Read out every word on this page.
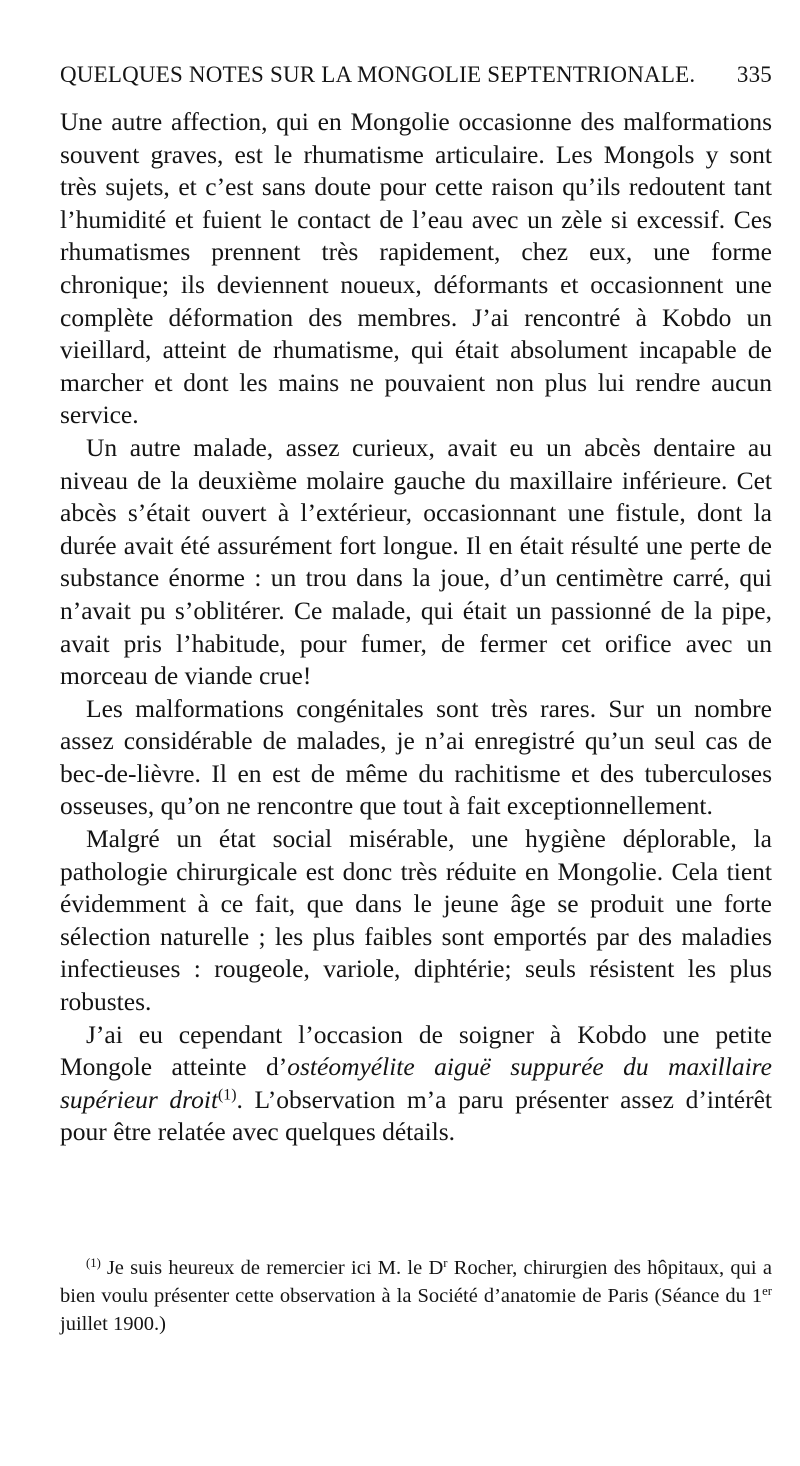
QUELQUES NOTES SUR LA MONGOLIE SEPTENTRIONALE. 335

Une autre affection, qui en Mongolie occasionne des malformations souvent graves, est le rhumatisme articulaire. Les Mongols y sont très sujets, et c’est sans doute pour cette raison qu’ils redoutent tant l’humidité et fuient le contact de l’eau avec un zèle si excessif. Ces rhumatismes prennent très rapidement, chez eux, une forme chronique; ils deviennent noueux, déformants et occasionnent une complète déformation des membres. J’ai rencontré à Kobdo un vieillard, atteint de rhumatisme, qui était absolument incapable de marcher et dont les mains ne pouvaient non plus lui rendre aucun service.

Un autre malade, assez curieux, avait eu un abcès dentaire au niveau de la deuxième molaire gauche du maxillaire inférieure. Cet abcès s’était ouvert à l’extérieur, occasionnant une fistule, dont la durée avait été assurément fort longue. Il en était résulté une perte de substance énorme : un trou dans la joue, d’un centimètre carré, qui n’avait pu s’oblitérer. Ce malade, qui était un passionné de la pipe, avait pris l’habitude, pour fumer, de fermer cet orifice avec un morceau de viande crue!

Les malformations congénitales sont très rares. Sur un nombre assez considérable de malades, je n’ai enregistré qu’un seul cas de bec-de-lièvre. Il en est de même du rachitisme et des tuberculoses osseuses, qu’on ne rencontre que tout à fait exceptionnellement.

Malgré un état social misérable, une hygiène déplorable, la pathologie chirurgicale est donc très réduite en Mongolie. Cela tient évidemment à ce fait, que dans le jeune âge se produit une forte sélection naturelle ; les plus faibles sont emportés par des maladies infectieuses : rougeole, variole, diphtérie; seuls résistent les plus robustes.

J’ai eu cependant l’occasion de soigner à Kobdo une petite Mongole atteinte d’ostéomyélite aiguë suppurée du maxillaire supérieur droit$^{(1)}$. L’observation m’a paru présenter assez d’intérêt pour être relatée avec quelques détails.

$^{(1)}$ Je suis heureux de remercier ici M. le $D^r$ Rocher, chirurgien des hôpitaux, qui a bien voulu présenter cette observation à la Société d’anatomie de Paris (Séance du 1er juillet 1900.)
